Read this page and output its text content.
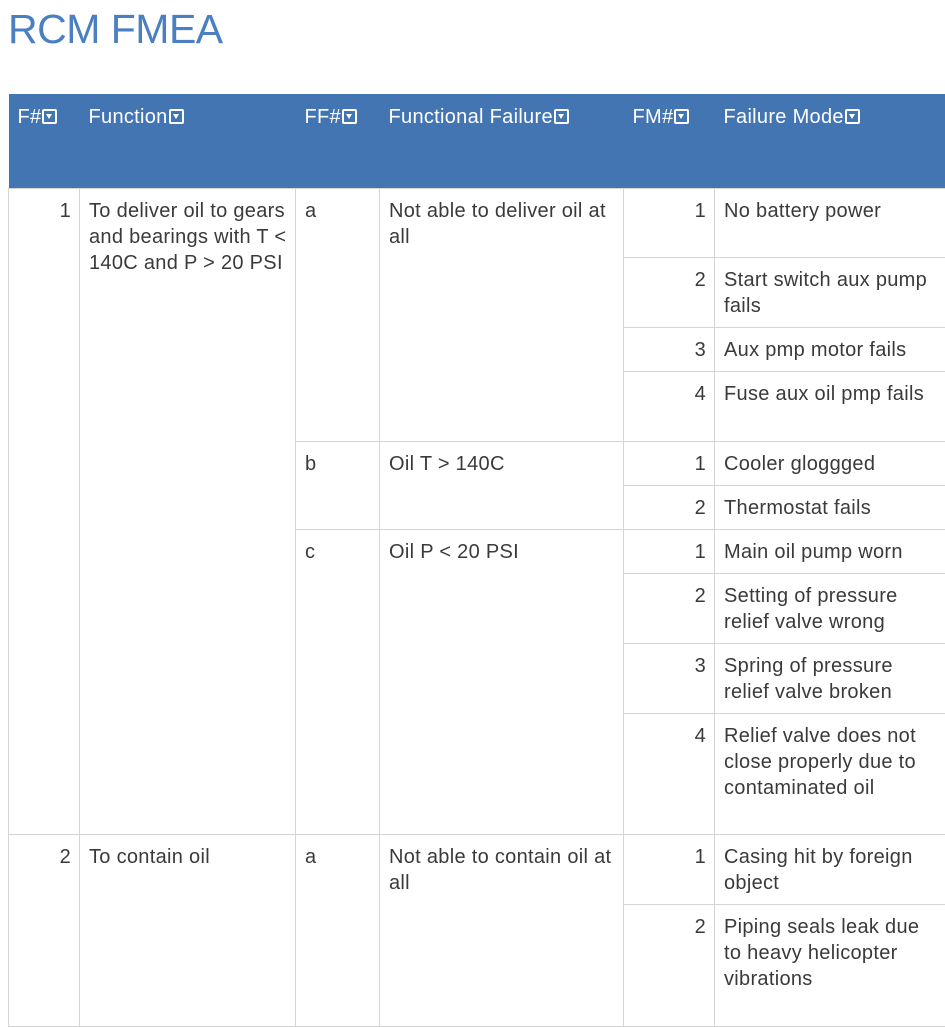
RCM FMEA
F#	Function	FF#	Functional Failure	FM#	Failure Mode
1	To deliver oil to gears and bearings with T < 140C and P > 20 PSI	a	Not able to deliver oil at all	1	No battery power
				2	Start switch aux pump fails
				3	Aux pmp motor fails
				4	Fuse aux oil pmp fails
		b	Oil T > 140C	1	Cooler gloggged
				2	Thermostat fails
		c	Oil P < 20 PSI	1	Main oil pump worn
				2	Setting of pressure relief valve wrong
				3	Spring of pressure relief valve broken
				4	Relief valve does not close properly due to contaminated oil
2	To contain oil	a	Not able to contain oil at all	1	Casing hit by foreign object
				2	Piping seals leak due to heavy helicopter vibrations
